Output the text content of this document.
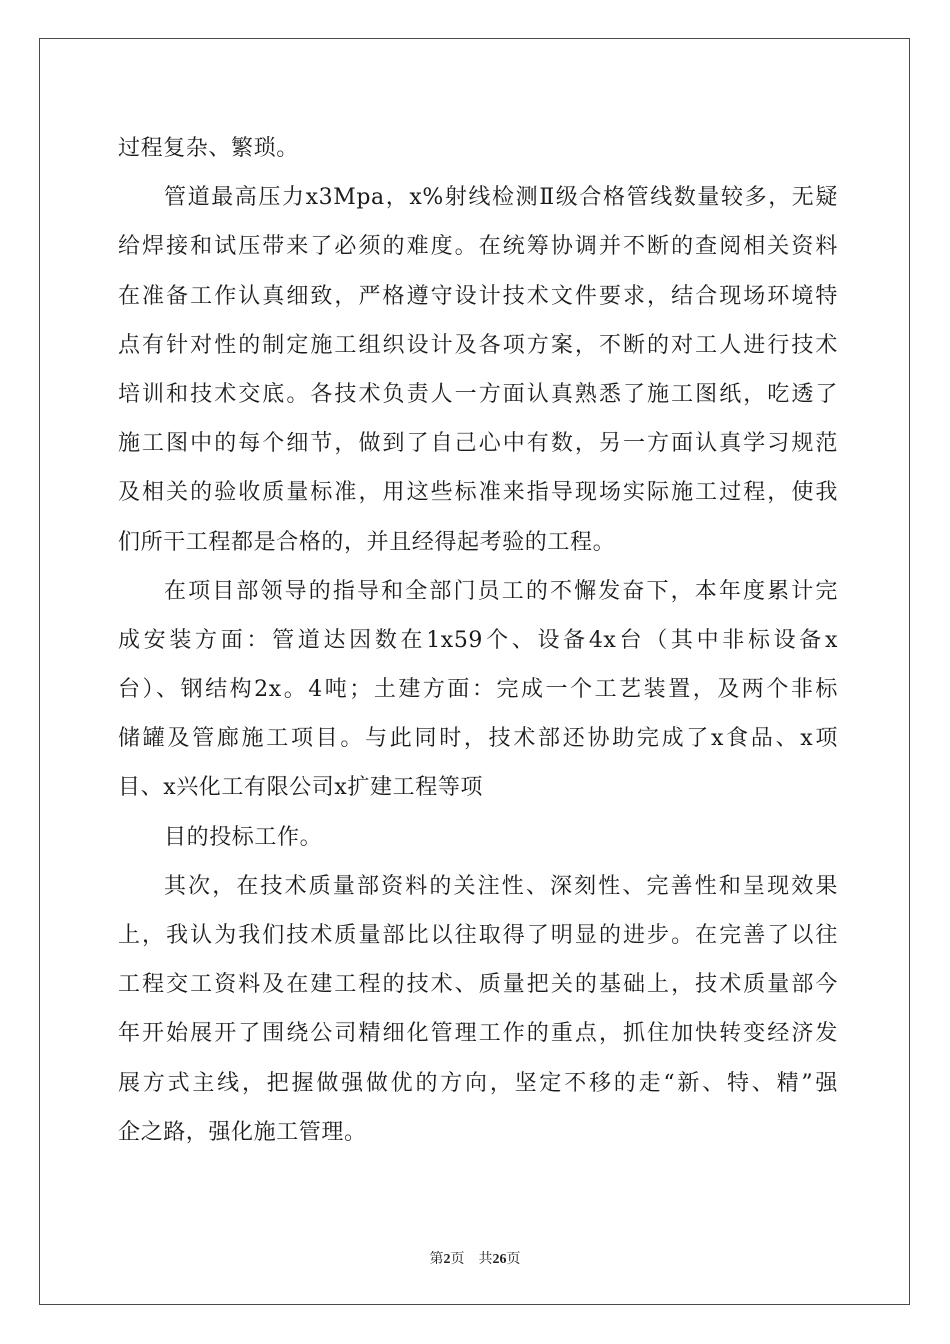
过程复杂、繁琐。

管道最高压力x3Mpa，x%射线检测Ⅱ级合格管线数量较多，无疑

给焊接和试压带来了必须的难度。在统筹协调并不断的查阅相关资料

在准备工作认真细致，严格遵守设计技术文件要求，结合现场环境特

点有针对性的制定施工组织设计及各项方案，不断的对工人进行技术

培训和技术交底。各技术负责人一方面认真熟悉了施工图纸，吃透了

施工图中的每个细节，做到了自己心中有数，另一方面认真学习规范

及相关的验收质量标准，用这些标准来指导现场实际施工过程，使我

们所干工程都是合格的，并且经得起考验的工程。

在项目部领导的指导和全部门员工的不懈发奋下，本年度累计完

成安装方面：管道达因数在1x59个、设备4x台（其中非标设备x

台）、钢结构2x。4吨；土建方面：完成一个工艺装置，及两个非标

储罐及管廊施工项目。与此同时，技术部还协助完成了x食品、x项

目、x兴化工有限公司x扩建工程等项

目的投标工作。

其次，在技术质量部资料的关注性、深刻性、完善性和呈现效果

上，我认为我们技术质量部比以往取得了明显的进步。在完善了以往

工程交工资料及在建工程的技术、质量把关的基础上，技术质量部今

年开始展开了围绕公司精细化管理工作的重点，抓住加快转变经济发

展方式主线，把握做强做优的方向，坚定不移的走“新、特、精”强

企之路，强化施工管理。

第2页 共26页
